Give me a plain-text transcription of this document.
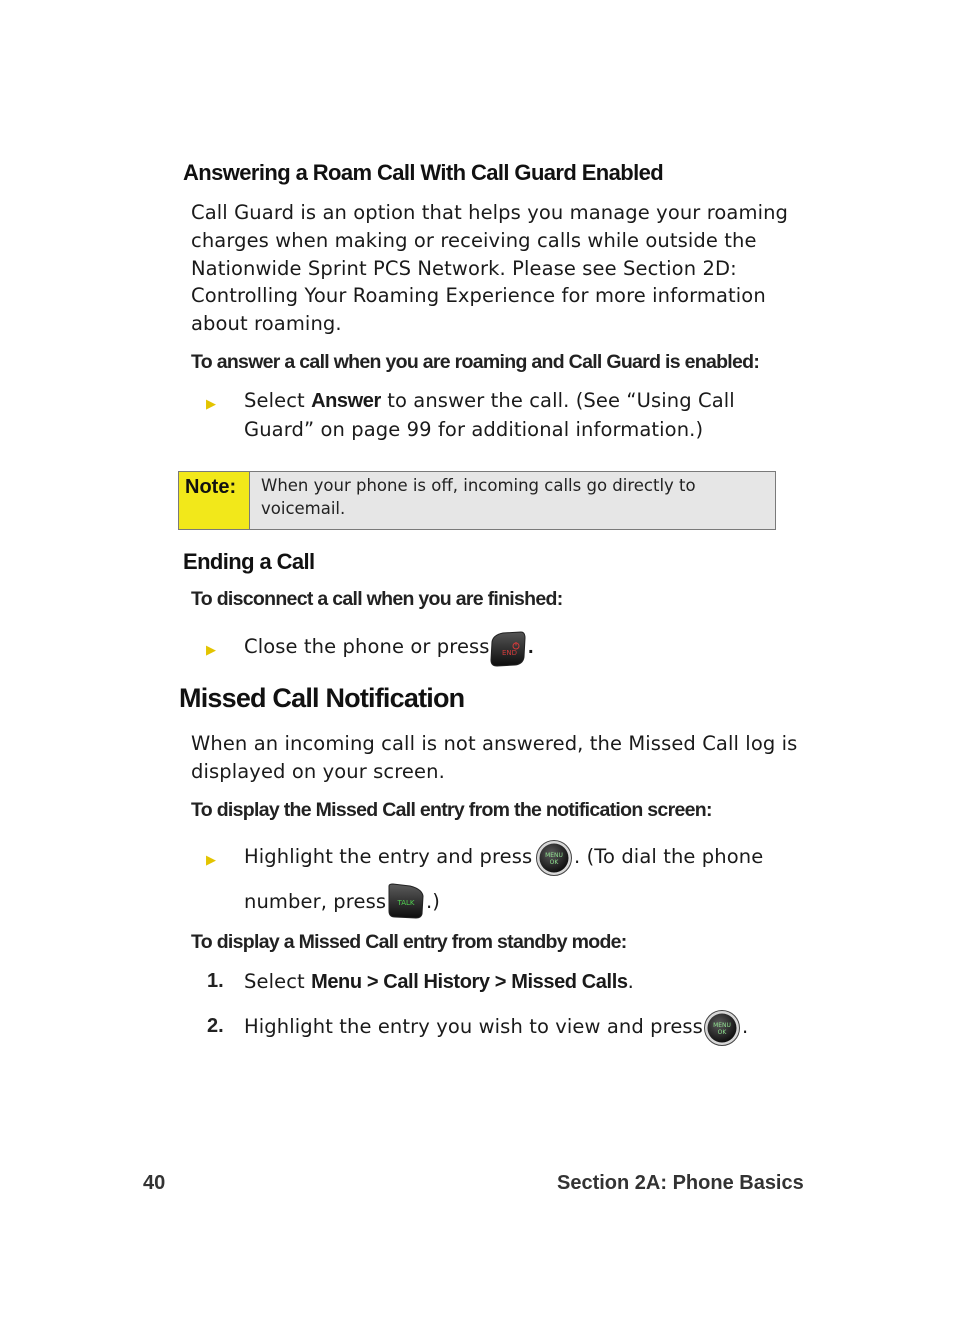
Answering a Roam Call With Call Guard Enabled
Call Guard is an option that helps you manage your roaming
charges when making or receiving calls while outside the
Nationwide Sprint PCS Network. Please see Section 2D:
Controlling Your Roaming Experience for more information
about roaming.
To answer a call when you are roaming and Call Guard is enabled:
▶ Select Answer to answer the call. (See “Using Call
Guard” on page 99 for additional information.)
Note:	When your phone is off, incoming calls go directly to
voicemail.
Ending a Call
To disconnect a call when you are finished:
▶ Close the phone or press END .
Missed Call Notification
When an incoming call is not answered, the Missed Call log is
displayed on your screen.
To display the Missed Call entry from the notification screen:
▶ Highlight the entry and press MENU
OK . (To dial the phone
number, press TALK .)
To display a Missed Call entry from standby mode:
1. Select Menu > Call History > Missed Calls.
2. Highlight the entry you wish to view and press MENU
OK .
40	Section 2A: Phone Basics
